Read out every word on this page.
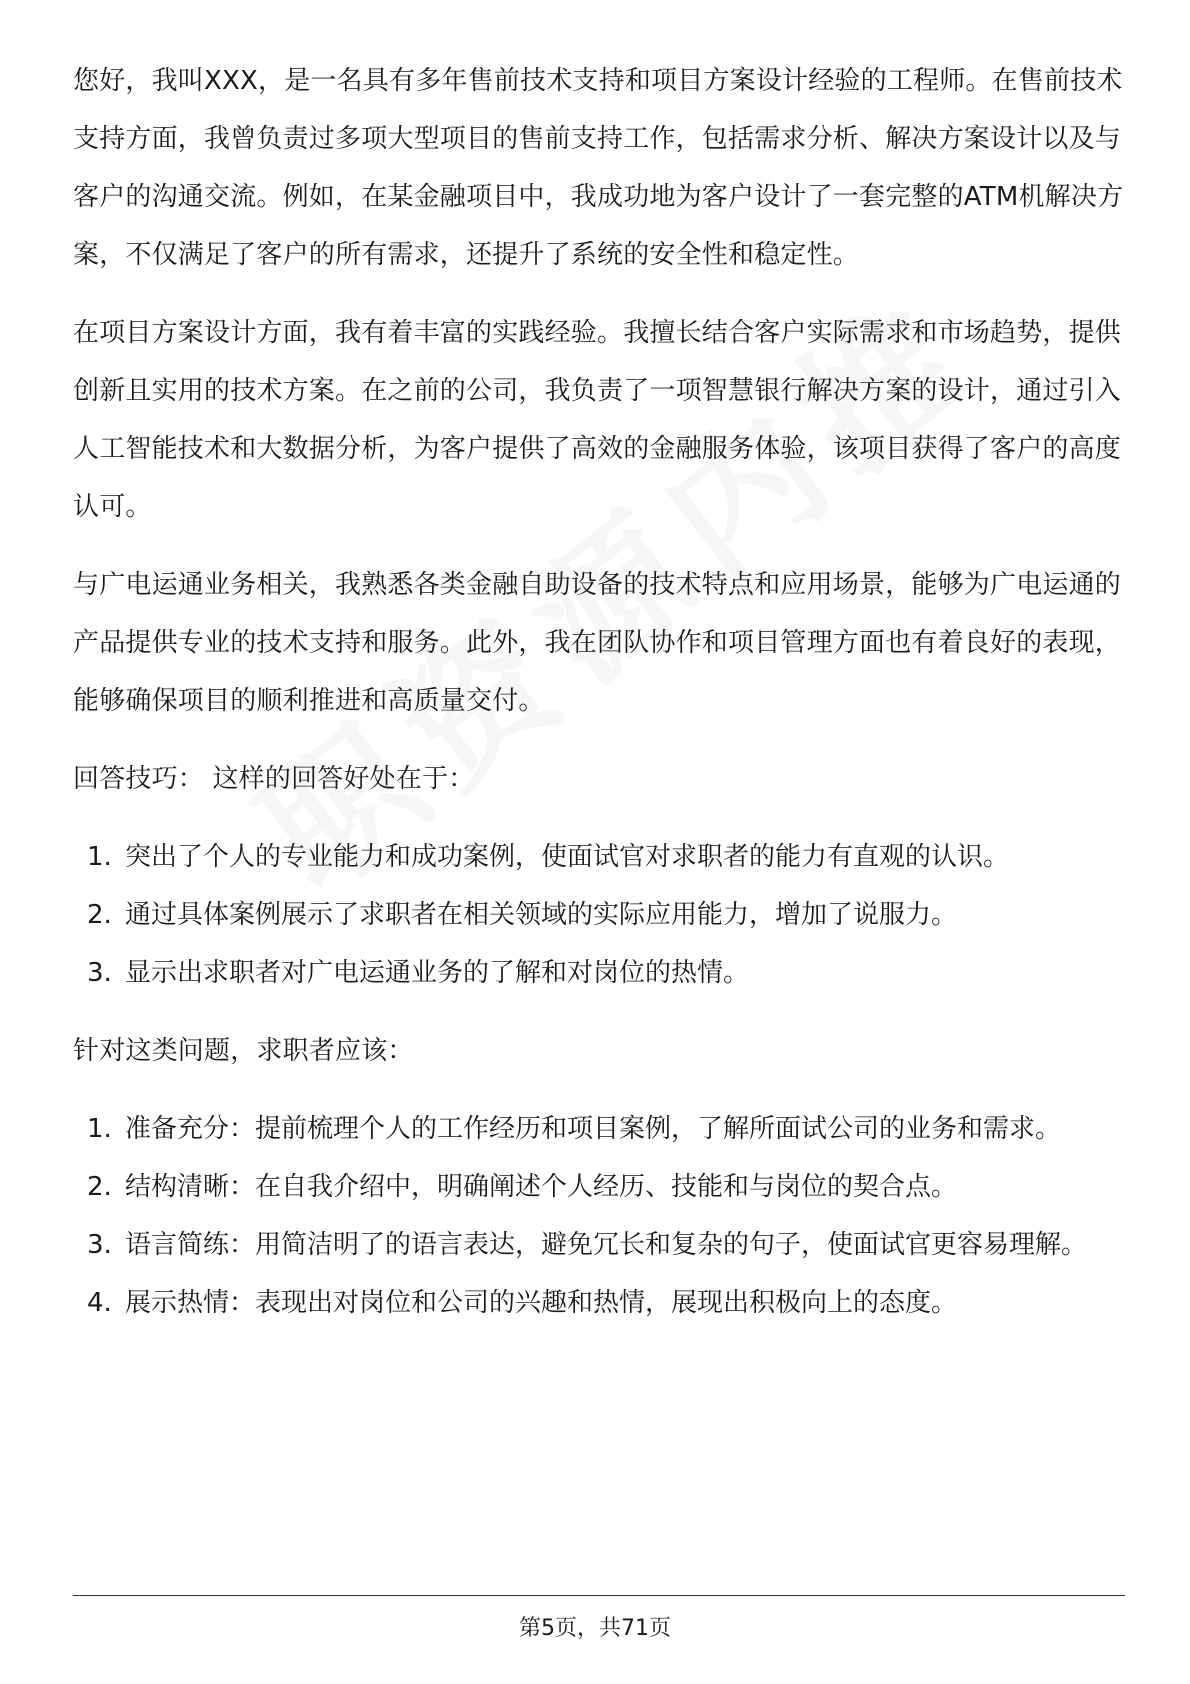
您好，我叫XXX，是一名具有多年售前技术支持和项目方案设计经验的工程师。在售前技术支持方面，我曾负责过多项大型项目的售前支持工作，包括需求分析、解决方案设计以及与客户的沟通交流。例如，在某金融项目中，我成功地为客户设计了一套完整的ATM机解决方案，不仅满足了客户的所有需求，还提升了系统的安全性和稳定性。

在项目方案设计方面，我有着丰富的实践经验。我擅长结合客户实际需求和市场趋势，提供创新且实用的技术方案。在之前的公司，我负责了一项智慧银行解决方案的设计，通过引入人工智能技术和大数据分析，为客户提供了高效的金融服务体验，该项目获得了客户的高度认可。

与广电运通业务相关，我熟悉各类金融自助设备的技术特点和应用场景，能够为广电运通的产品提供专业的技术支持和服务。此外，我在团队协作和项目管理方面也有着良好的表现，能够确保项目的顺利推进和高质量交付。

回答技巧： 这样的回答好处在于：

1. 突出了个人的专业能力和成功案例，使面试官对求职者的能力有直观的认识。
2. 通过具体案例展示了求职者在相关领域的实际应用能力，增加了说服力。
3. 显示出求职者对广电运通业务的了解和对岗位的热情。

针对这类问题，求职者应该：

1. 准备充分：提前梳理个人的工作经历和项目案例，了解所面试公司的业务和需求。
2. 结构清晰：在自我介绍中，明确阐述个人经历、技能和与岗位的契合点。
3. 语言简练：用简洁明了的语言表达，避免冗长和复杂的句子，使面试官更容易理解。
4. 展示热情：表现出对岗位和公司的兴趣和热情，展现出积极向上的态度。
第5页，共71页
